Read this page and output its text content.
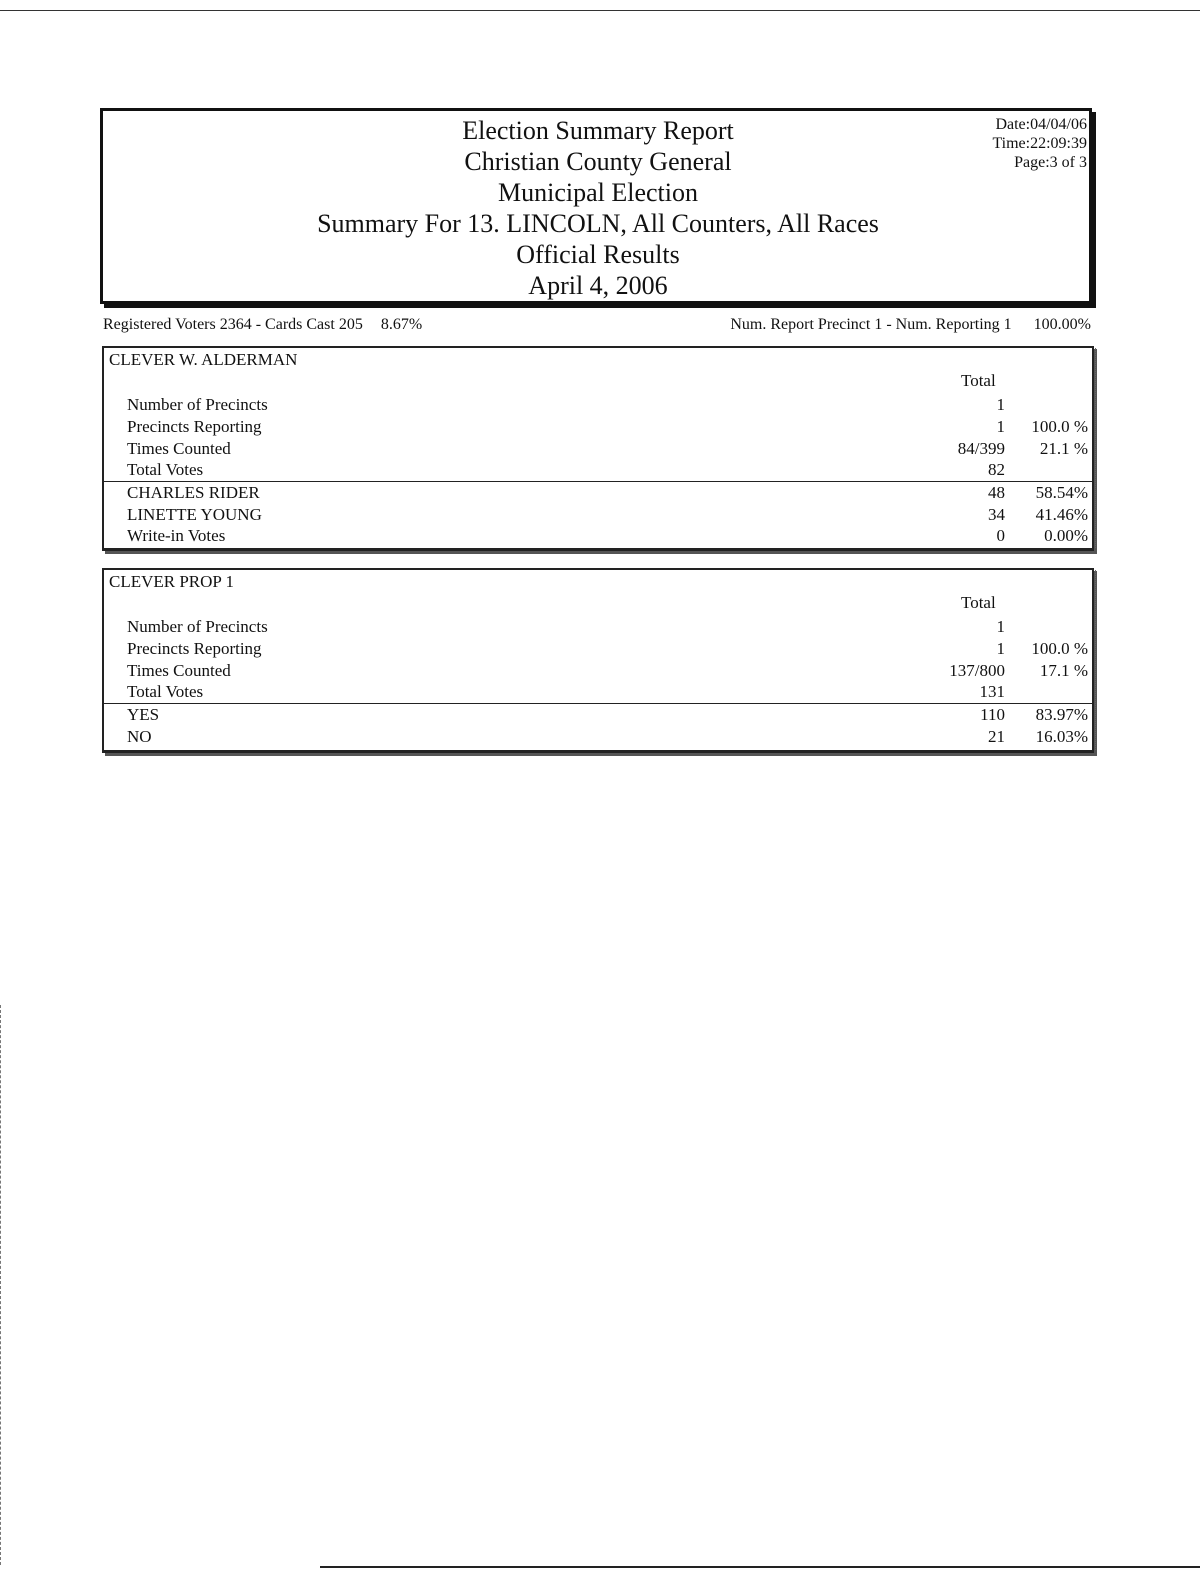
Election Summary Report
Christian County General
Municipal Election
Summary For 13. LINCOLN, All Counters, All Races
Official Results
April 4, 2006
Date:04/04/06
Time:22:09:39
Page:3 of 3
Registered Voters 2364 - Cards Cast 205 8.67%	Num. Report Precinct 1 - Num. Reporting 1 100.00%
CLEVER W. ALDERMAN
Total
Number of Precincts	1
Precincts Reporting	1 100.0 %
Times Counted	84/399 21.1 %
Total Votes	82
CHARLES RIDER	48 58.54%
LINETTE YOUNG	34 41.46%
Write-in Votes	0 0.00%
CLEVER PROP 1
Total
Number of Precincts	1
Precincts Reporting	1 100.0 %
Times Counted	137/800 17.1 %
Total Votes	131
YES	110 83.97%
NO	21 16.03%
